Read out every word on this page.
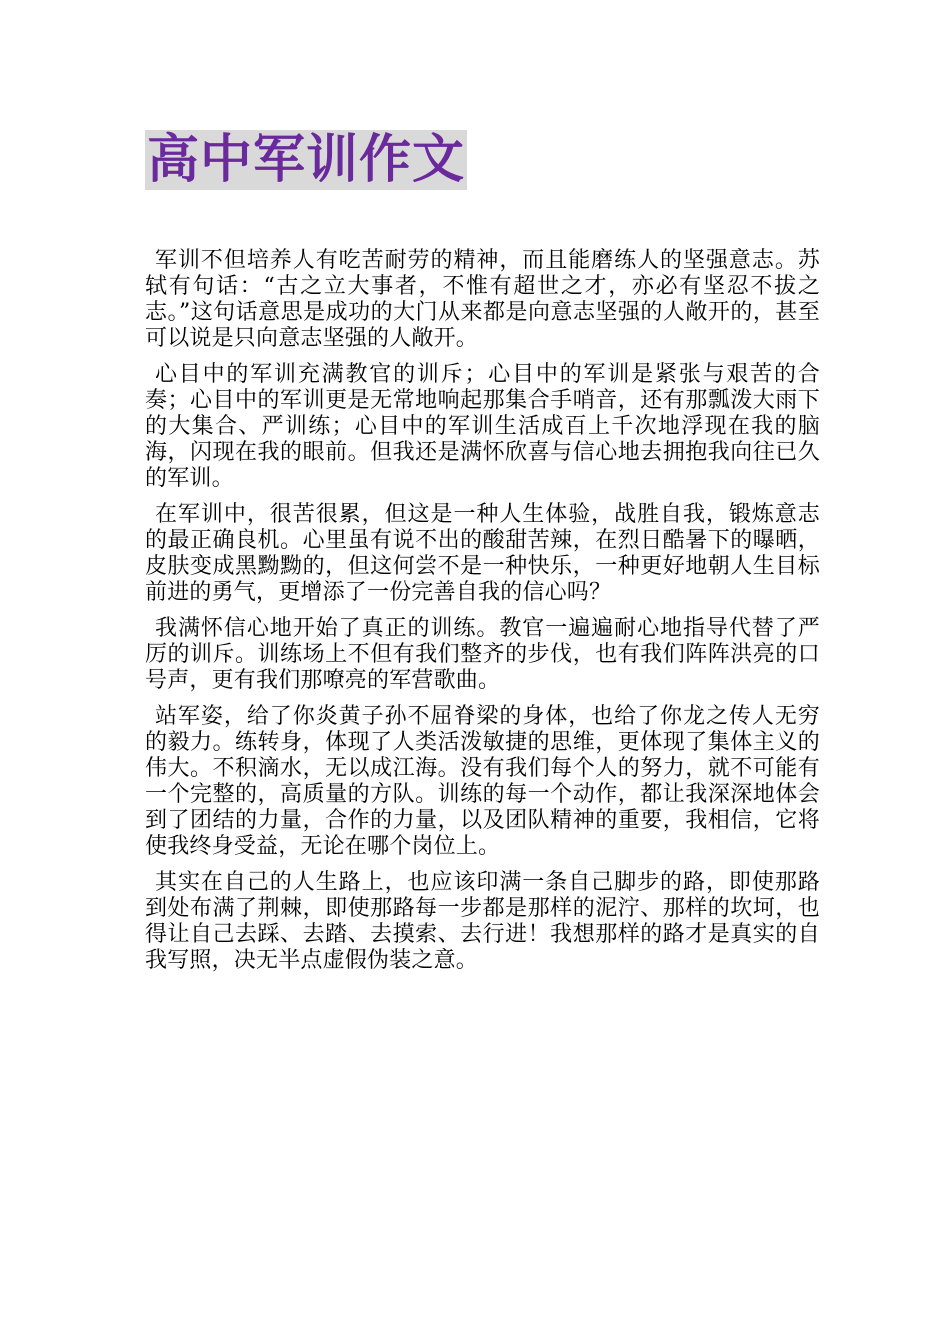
高中军训作文

军训不但培养人有吃苦耐劳的精神，而且能磨练人的坚强意志。苏轼有句话：“古之立大事者，不惟有超世之才，亦必有坚忍不拔之志。”这句话意思是成功的大门从来都是向意志坚强的人敞开的，甚至可以说是只向意志坚强的人敞开。

心目中的军训充满教官的训斥；心目中的军训是紧张与艰苦的合奏；心目中的军训更是无常地响起那集合手哨音，还有那瓢泼大雨下的大集合、严训练；心目中的军训生活成百上千次地浮现在我的脑海，闪现在我的眼前。但我还是满怀欣喜与信心地去拥抱我向往已久的军训。

在军训中，很苦很累，但这是一种人生体验，战胜自我，锻炼意志的最正确良机。心里虽有说不出的酸甜苦辣，在烈日酷暑下的曝晒，皮肤变成黑黝黝的，但这何尝不是一种快乐，一种更好地朝人生目标前进的勇气，更增添了一份完善自我的信心吗？

我满怀信心地开始了真正的训练。教官一遍遍耐心地指导代替了严厉的训斥。训练场上不但有我们整齐的步伐，也有我们阵阵洪亮的口号声，更有我们那嘹亮的军营歌曲。

站军姿，给了你炎黄子孙不屈脊梁的身体，也给了你龙之传人无穷的毅力。练转身，体现了人类活泼敏捷的思维，更体现了集体主义的伟大。不积滴水，无以成江海。没有我们每个人的努力，就不可能有一个完整的，高质量的方队。训练的每一个动作，都让我深深地体会到了团结的力量，合作的力量，以及团队精神的重要，我相信，它将使我终身受益，无论在哪个岗位上。

其实在自己的人生路上，也应该印满一条自己脚步的路，即使那路到处布满了荆棘，即使那路每一步都是那样的泥泞、那样的坎坷，也得让自己去踩、去踏、去摸索、去行进！我想那样的路才是真实的自我写照，决无半点虚假伪装之意。
